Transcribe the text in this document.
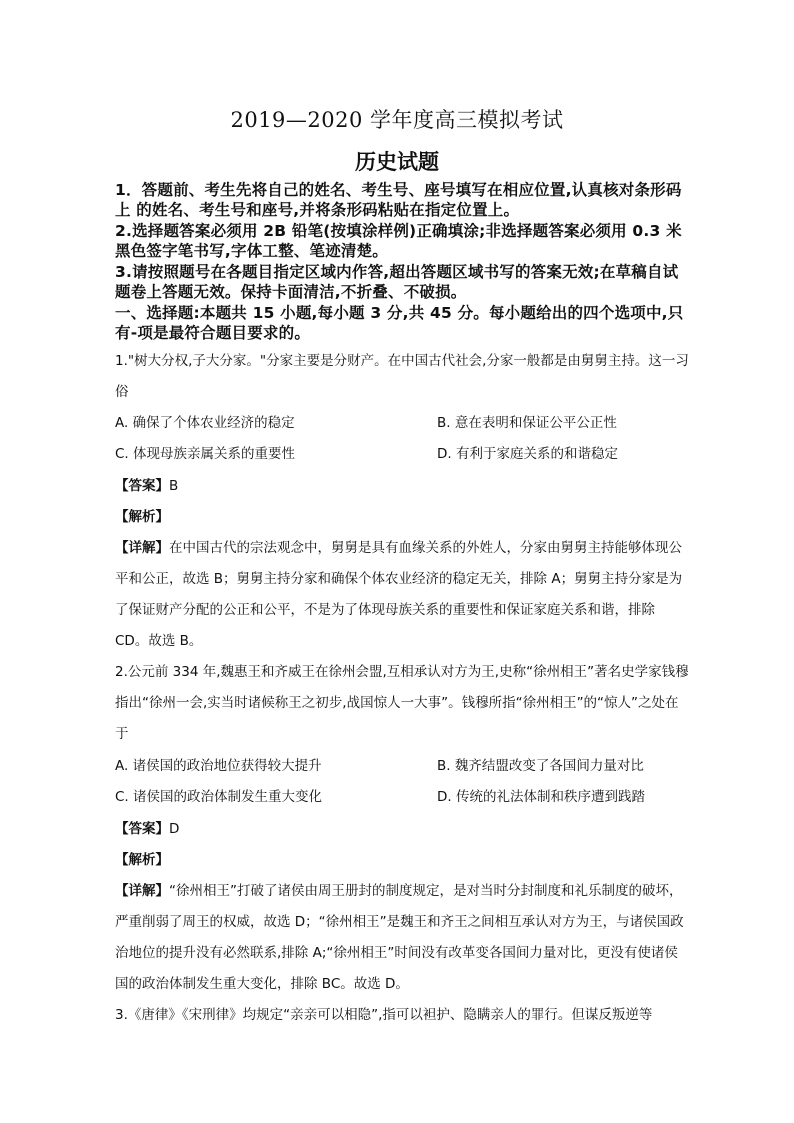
2019—2020 学年度高三模拟考试
历史试题

1．答题前、考生先将自己的姓名、考生号、座号填写在相应位置,认真核对条形码上 的姓名、考生号和座号,并将条形码粘贴在指定位置上。

2.选择题答案必须用 2B 铅笔(按填涂样例)正确填涂;非选择题答案必须用 0.3 米黑色签字笔书写,字体工整、笔迹清楚。

3.请按照题号在各题目指定区域内作答,超出答题区域书写的答案无效;在草稿自试题卷上答题无效。保持卡面清洁,不折叠、不破损。

一、选择题:本题共 15 小题,每小题 3 分,共 45 分。每小题给出的四个选项中,只有-项是最符合题目要求的。

1."树大分权,子大分家。"分家主要是分财产。在中国古代社会,分家一般都是由舅舅主持。这一习俗

A. 确保了个体农业经济的稳定	B. 意在表明和保证公平公正性
C. 体现母族亲属关系的重要性	D. 有利于家庭关系的和谐稳定
【答案】B
【解析】

【详解】在中国古代的宗法观念中，舅舅是具有血缘关系的外姓人，分家由舅舅主持能够体现公平和公正，故选 B；舅舅主持分家和确保个体农业经济的稳定无关，排除 A；舅舅主持分家是为了保证财产分配的公正和公平，不是为了体现母族关系的重要性和保证家庭关系和谐，排除 CD。故选 B。

2.公元前 334 年,魏惠王和齐威王在徐州会盟,互相承认对方为王,史称“徐州相王”著名史学家钱穆指出“徐州一会,实当时诸候称王之初步,战国惊人一大事”。钱穆所指“徐州相王”的“惊人”之处在于

A. 诸侯国的政治地位获得较大提升	B. 魏齐结盟改变了各国间力量对比
C. 诸侯国的政治体制发生重大变化	D. 传统的礼法体制和秩序遭到践踏
【答案】D
【解析】

【详解】“徐州相王”打破了诸侯由周王册封的制度规定，是对当时分封制度和礼乐制度的破坏，严重削弱了周王的权威，故选 D；“徐州相王”是魏王和齐王之间相互承认对方为王，与诸侯国政治地位的提升没有必然联系,排除 A;“徐州相王”时间没有改革变各国间力量对比，更没有使诸侯国的政治体制发生重大变化，排除 BC。故选 D。

3.《唐律》《宋刑律》均规定“亲亲可以相隐”,指可以袒护、隐瞒亲人的罪行。但谋反叛逆等
